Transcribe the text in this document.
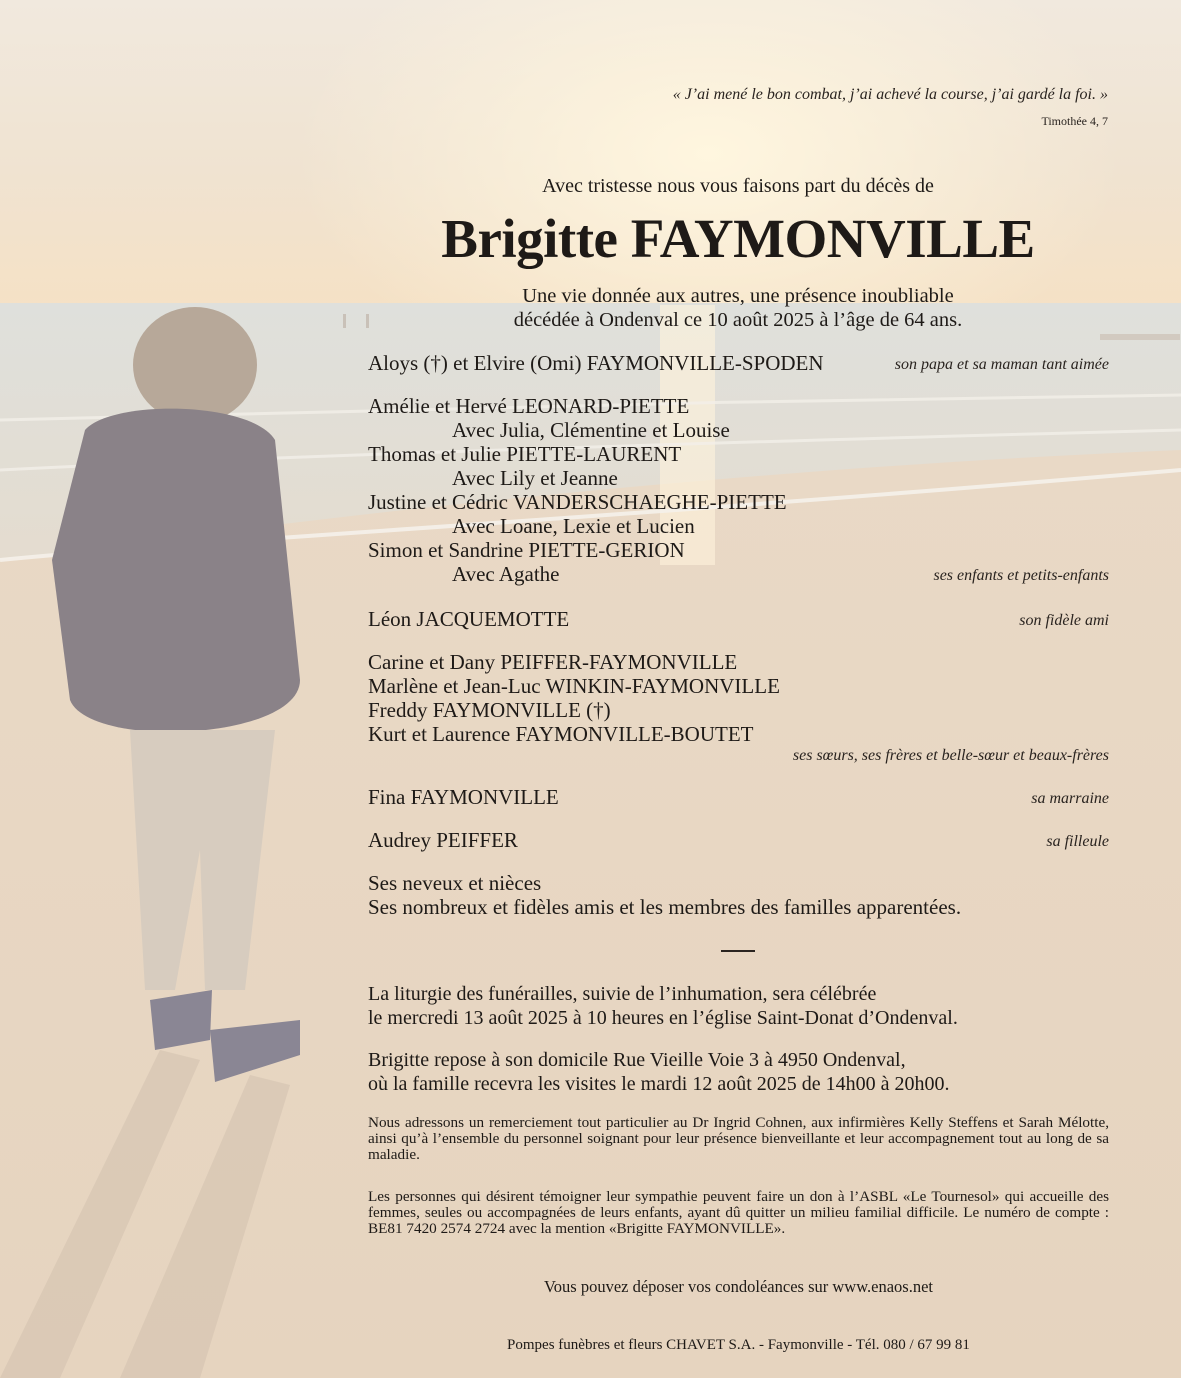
« J’ai mené le bon combat, j’ai achevé la course, j’ai gardé la foi. »
Timothée 4, 7
Avec tristesse nous vous faisons part du décès de
Brigitte FAYMONVILLE
Une vie donnée aux autres, une présence inoubliable
décédée à Ondenval ce 10 août 2025 à l’âge de 64 ans.
Aloys (†) et Elvire (Omi) FAYMONVILLE-SPODEN	son papa et sa maman tant aimée
Amélie et Hervé LEONARD-PIETTE
Avec Julia, Clémentine et Louise
Thomas et Julie PIETTE-LAURENT
Avec Lily et Jeanne
Justine et Cédric VANDERSCHAEGHE-PIETTE
Avec Loane, Lexie et Lucien
Simon et Sandrine PIETTE-GERION
Avec Agathe	ses enfants et petits-enfants
Léon JACQUEMOTTE	son fidèle ami
Carine et Dany PEIFFER-FAYMONVILLE
Marlène et Jean-Luc WINKIN-FAYMONVILLE
Freddy FAYMONVILLE (†)
Kurt et Laurence FAYMONVILLE-BOUTET
ses sœurs, ses frères et belle-sœur et beaux-frères
Fina FAYMONVILLE	sa marraine
Audrey PEIFFER	sa filleule
Ses neveux et nièces
Ses nombreux et fidèles amis et les membres des familles apparentées.
La liturgie des funérailles, suivie de l’inhumation, sera célébrée
le mercredi 13 août 2025 à 10 heures en l’église Saint-Donat d’Ondenval.
Brigitte repose à son domicile Rue Vieille Voie 3 à 4950 Ondenval,
où la famille recevra les visites le mardi 12 août 2025 de 14h00 à 20h00.
Nous adressons un remerciement tout particulier au Dr Ingrid Cohnen, aux infirmières Kelly Steffens et Sarah Mélotte, ainsi qu’à l’ensemble du personnel soignant pour leur présence bienveillante et leur accompagnement tout au long de sa maladie.
Les personnes qui désirent témoigner leur sympathie peuvent faire un don à l’ASBL «Le Tournesol» qui accueille des femmes, seules ou accompagnées de leurs enfants, ayant dû quitter un milieu familial difficile. Le numéro de compte : BE81 7420 2574 2724 avec la mention «Brigitte FAYMONVILLE».
Vous pouvez déposer vos condoléances sur www.enaos.net
Pompes funèbres et fleurs CHAVET S.A. - Faymonville - Tél. 080 / 67 99 81
